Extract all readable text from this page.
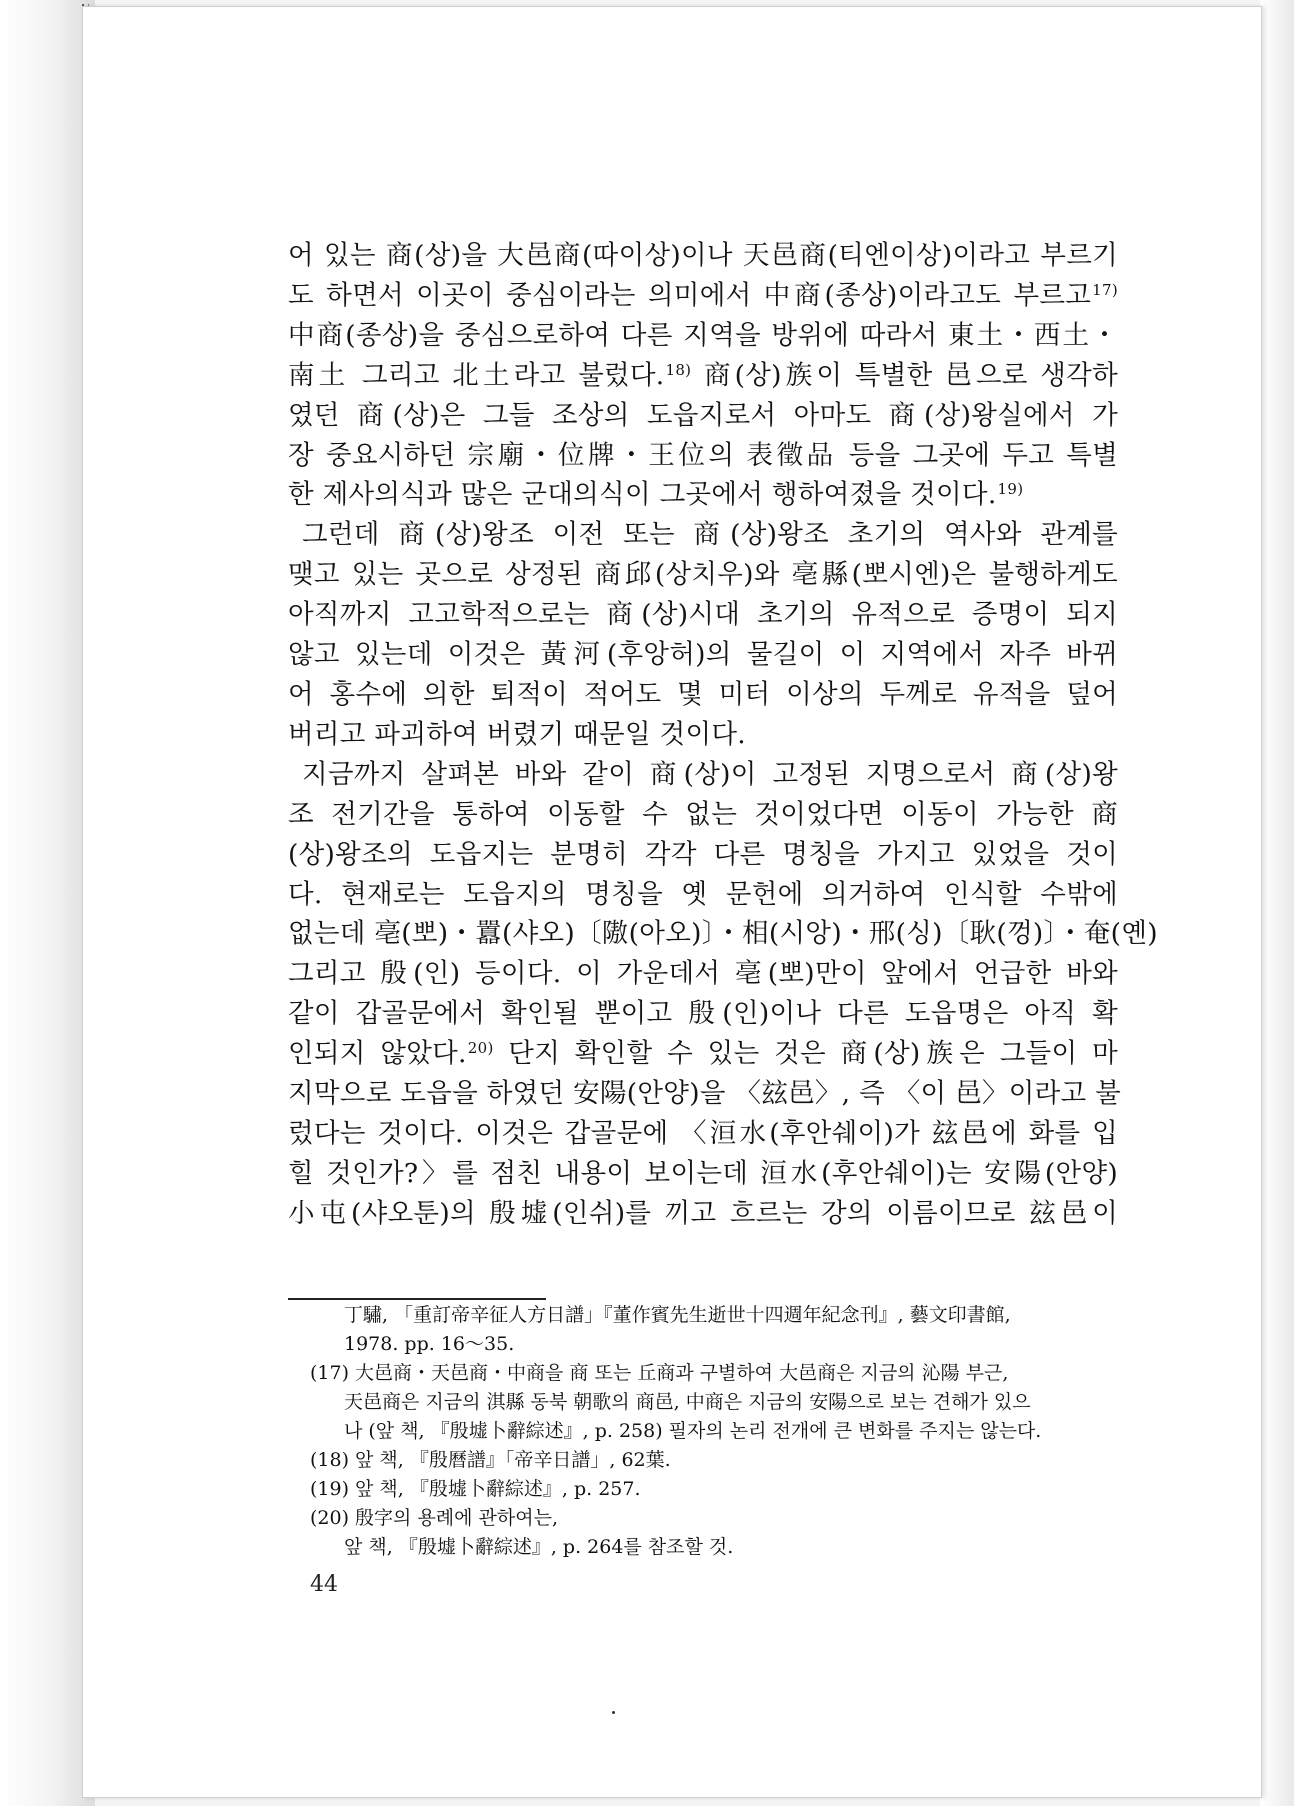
어 있는 商(상)을 大邑商(따이상)이나 天邑商(티엔이상)이라고 부르기

도 하면서 이곳이 중심이라는 의미에서 中商(종상)이라고도 부르고$^{17)}$

中商(종상)을 중심으로하여 다른 지역을 방위에 따라서 東土・西土・

南土 그리고 北土라고 불렀다.$^{18)}$ 商(상)族이 특별한 邑으로 생각하

였던 商(상)은 그들 조상의 도읍지로서 아마도 商(상)왕실에서 가

장 중요시하던 宗廟・位牌・王位의 表徵品 등을 그곳에 두고 특별

한 제사의식과 많은 군대의식이 그곳에서 행하여졌을 것이다.$^{19)}$

그런데 商(상)왕조 이전 또는 商(상)왕조 초기의 역사와 관계를

맺고 있는 곳으로 상정된 商邱(상치우)와 亳縣(뽀시엔)은 불행하게도

아직까지 고고학적으로는 商(상)시대 초기의 유적으로 증명이 되지

않고 있는데 이것은 黃河(후앙허)의 물길이 이 지역에서 자주 바뀌

어 홍수에 의한 퇴적이 적어도 몇 미터 이상의 두께로 유적을 덮어

버리고 파괴하여 버렸기 때문일 것이다.

지금까지 살펴본 바와 같이 商(상)이 고정된 지명으로서 商(상)왕

조 전기간을 통하여 이동할 수 없는 것이었다면 이동이 가능한 商

(상)왕조의 도읍지는 분명히 각각 다른 명칭을 가지고 있었을 것이

다. 현재로는 도읍지의 명칭을 옛 문헌에 의거하여 인식할 수밖에

없는데 亳(뽀)・囂(샤오)〔隞(아오)〕・相(시앙)・邢(싱)〔耿(껑)〕・奄(옌)

그리고 殷(인) 등이다. 이 가운데서 亳(뽀)만이 앞에서 언급한 바와

같이 갑골문에서 확인될 뿐이고 殷(인)이나 다른 도읍명은 아직 확

인되지 않았다.$^{20)}$ 단지 확인할 수 있는 것은 商(상)族은 그들이 마

지막으로 도읍을 하였던 安陽(안양)을 〈玆邑〉, 즉 〈이 邑〉이라고 불

렀다는 것이다. 이것은 갑골문에 〈洹水(후안쉐이)가 玆邑에 화를 입

힐 것인가?〉를 점친 내용이 보이는데 洹水(후안쉐이)는 安陽(안양)

小屯(샤오툰)의 殷墟(인쉬)를 끼고 흐르는 강의 이름이므로 玆邑이

丁驌, 「重訂帝辛征人方日譜」『董作賓先生逝世十四週年紀念刊』, 藝文印書館,

1978. pp. 16～35.

(17) 大邑商・天邑商・中商을 商 또는 丘商과 구별하여 大邑商은 지금의 沁陽 부근,

天邑商은 지금의 淇縣 동북 朝歌의 商邑, 中商은 지금의 安陽으로 보는 견해가 있으

나 (앞 책, 『殷墟卜辭綜述』, p. 258) 필자의 논리 전개에 큰 변화를 주지는 않는다.

(18) 앞 책, 『殷曆譜』「帝辛日譜」, 62葉.

(19) 앞 책, 『殷墟卜辭綜述』, p. 257.

(20) 殷字의 용례에 관하여는,

앞 책, 『殷墟卜辭綜述』, p. 264를 참조할 것.

44
